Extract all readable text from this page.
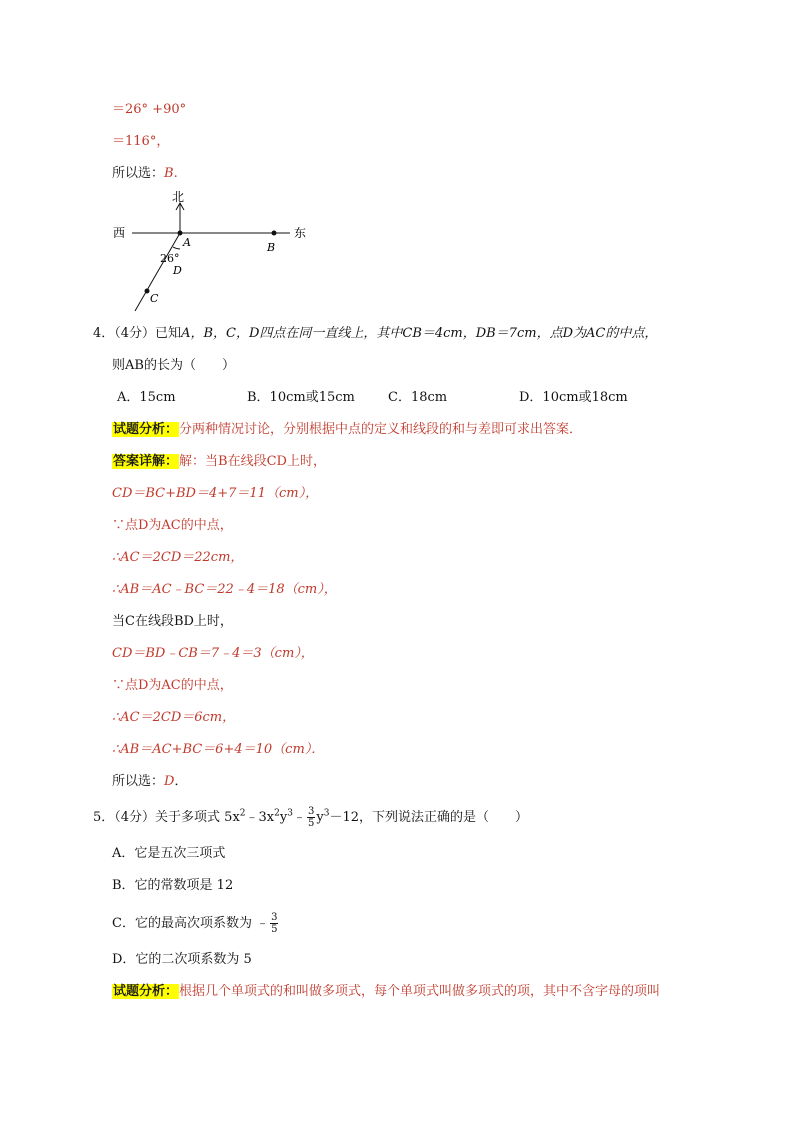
＝26° +90°
＝116°，
所以选：B.
北
西	东
A	B
C
D
26°
4．（4分）已知A，B，C，D四点在同一直线上，其中CB＝4cm，DB＝7cm，点D为AC的中点，
则AB的长为（　　）
A．15cm	B．10cm或15cm	C．18cm	D．10cm或18cm
试题分析：分两种情况讨论，分别根据中点的定义和线段的和与差即可求出答案．
答案详解：解：当B在线段CD上时，
CD＝BC+BD＝4+7＝11（cm），
∵点D为AC的中点，
∴AC＝2CD＝22cm，
∴AB＝AC﹣BC＝22﹣4＝18（cm），
当C在线段BD上时，
CD＝BD﹣CB＝7﹣4＝3（cm），
∵点D为AC的中点，
∴AC＝2CD＝6cm，
∴AB＝AC+BC＝6+4＝10（cm）．
所以选：D．
5．（4分）关于多项式 $5x^2﹣3x^2y^3﹣ \frac{3}{5} y^3-12$，下列说法正确的是（　　）
A．它是五次三项式
B．它的常数项是 12
C．它的最高次项系数为 ﹣ $\frac{3}{5}$
D．它的二次项系数为 5
试题分析：根据几个单项式的和叫做多项式，每个单项式叫做多项式的项，其中不含字母的项叫
